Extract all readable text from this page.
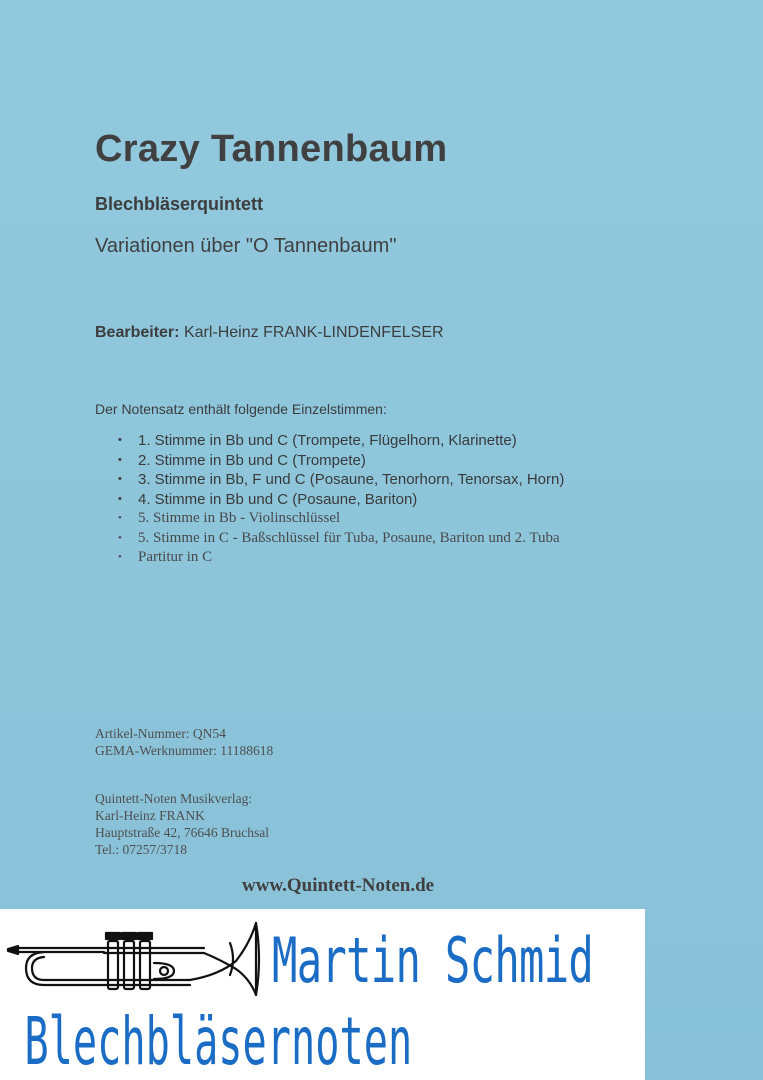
Crazy Tannenbaum
Blechbläserquintett
Variationen über "O Tannenbaum"
Bearbeiter: Karl-Heinz FRANK-LINDENFELSER
Der Notensatz enthält folgende Einzelstimmen:
• 1. Stimme in Bb und C (Trompete, Flügelhorn, Klarinette)
• 2. Stimme in Bb und C (Trompete)
• 3. Stimme in Bb, F und C (Posaune, Tenorhorn, Tenorsax, Horn)
• 4. Stimme in Bb und C (Posaune, Bariton)
• 5. Stimme in Bb - Violinschlüssel
• 5. Stimme in C - Baßschlüssel für Tuba, Posaune, Bariton und 2. Tuba
• Partitur in C
Artikel-Nummer: QN54
GEMA-Werknummer: 11188618
Quintett-Noten Musikverlag:
Karl-Heinz FRANK
Hauptstraße 42, 76646 Bruchsal
Tel.: 07257/3718
www.Quintett-Noten.de
Martin Schmid
Blechbläsernoten
